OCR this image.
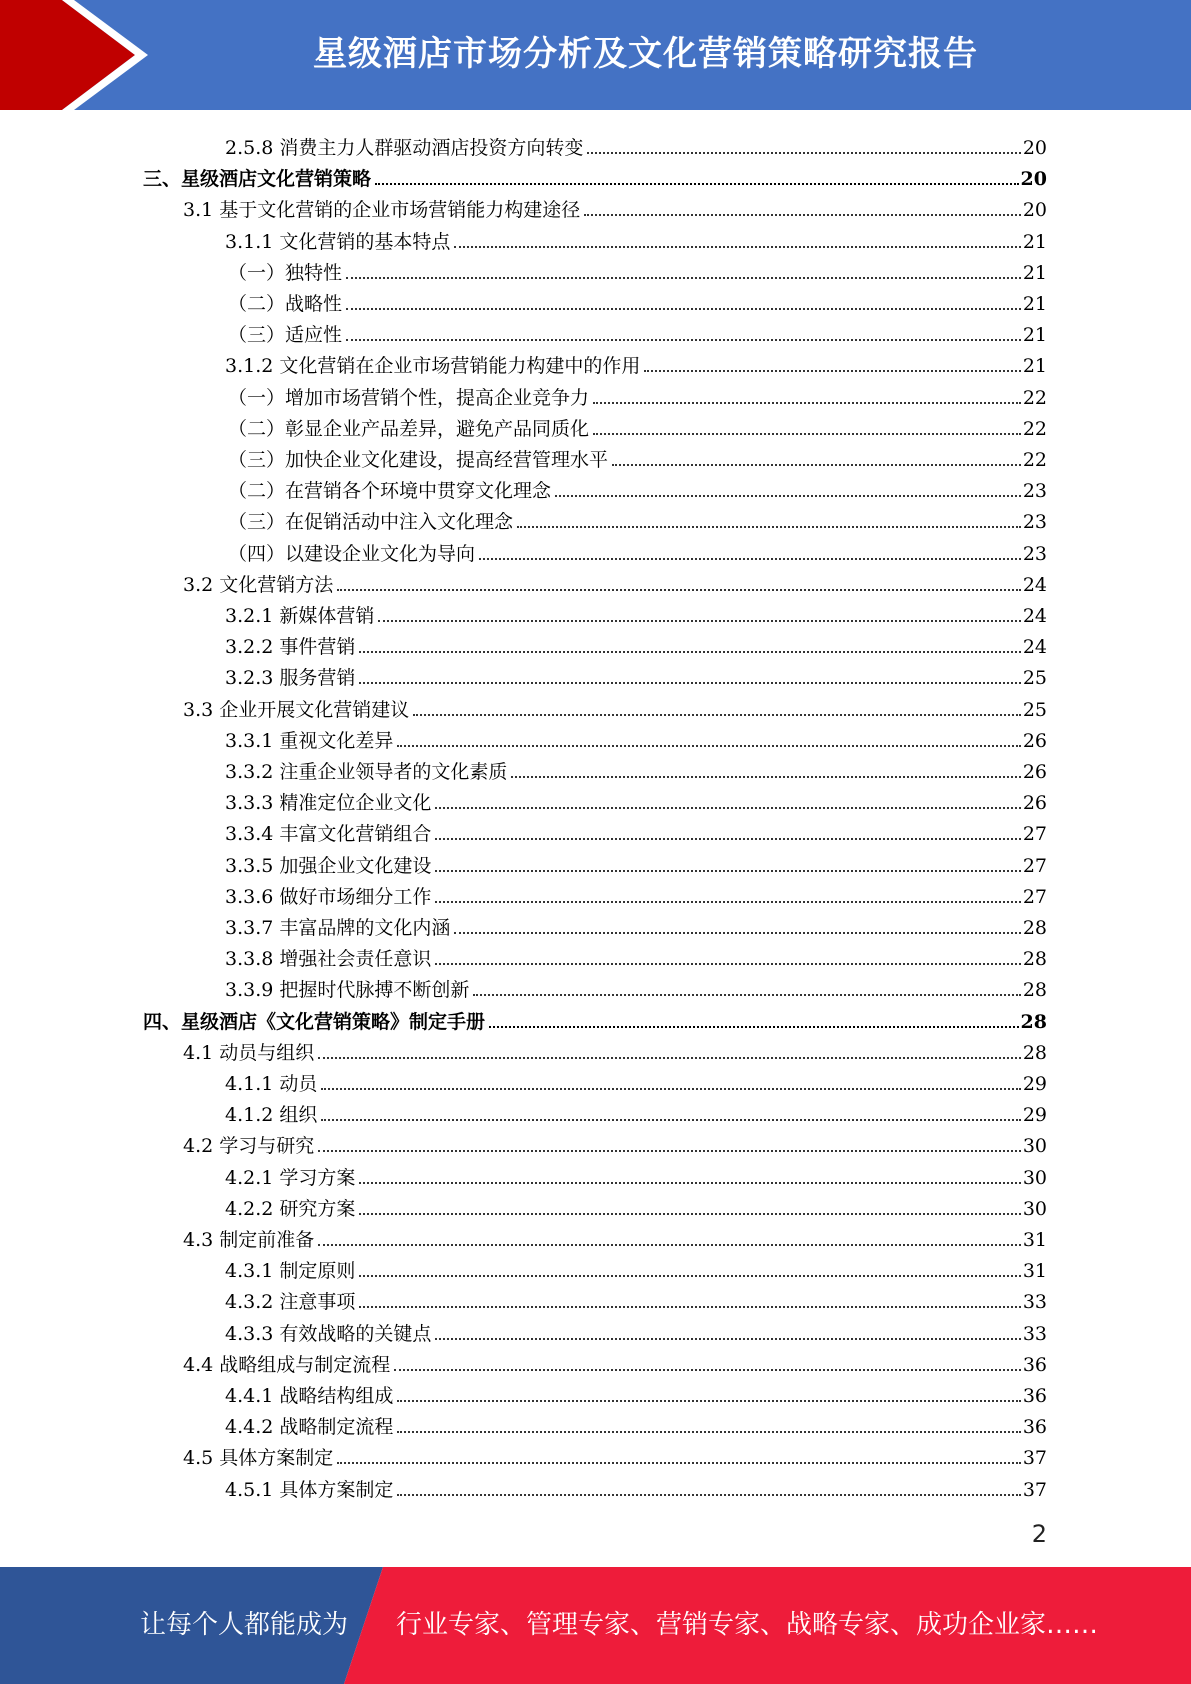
星级酒店市场分析及文化营销策略研究报告
2.5.8 消费主力人群驱动酒店投资方向转变	20
三、星级酒店文化营销策略	20
3.1 基于文化营销的企业市场营销能力构建途径	20
3.1.1 文化营销的基本特点	21
（一）独特性	21
（二）战略性	21
（三）适应性	21
3.1.2 文化营销在企业市场营销能力构建中的作用	21
（一）增加市场营销个性，提高企业竞争力	22
（二）彰显企业产品差异，避免产品同质化	22
（三）加快企业文化建设，提高经营管理水平	22
（二）在营销各个环境中贯穿文化理念	23
（三）在促销活动中注入文化理念	23
（四）以建设企业文化为导向	23
3.2 文化营销方法	24
3.2.1 新媒体营销	24
3.2.2 事件营销	24
3.2.3 服务营销	25
3.3 企业开展文化营销建议	25
3.3.1 重视文化差异	26
3.3.2 注重企业领导者的文化素质	26
3.3.3 精准定位企业文化	26
3.3.4 丰富文化营销组合	27
3.3.5 加强企业文化建设	27
3.3.6 做好市场细分工作	27
3.3.7 丰富品牌的文化内涵	28
3.3.8 增强社会责任意识	28
3.3.9 把握时代脉搏不断创新	28
四、星级酒店《文化营销策略》制定手册	28
4.1 动员与组织	28
4.1.1 动员	29
4.1.2 组织	29
4.2 学习与研究	30
4.2.1 学习方案	30
4.2.2 研究方案	30
4.3 制定前准备	31
4.3.1 制定原则	31
4.3.2 注意事项	33
4.3.3 有效战略的关键点	33
4.4 战略组成与制定流程	36
4.4.1 战略结构组成	36
4.4.2 战略制定流程	36
4.5 具体方案制定	37
4.5.1 具体方案制定	37
2
让每个人都能成为 行业专家、管理专家、营销专家、战略专家、成功企业家……
